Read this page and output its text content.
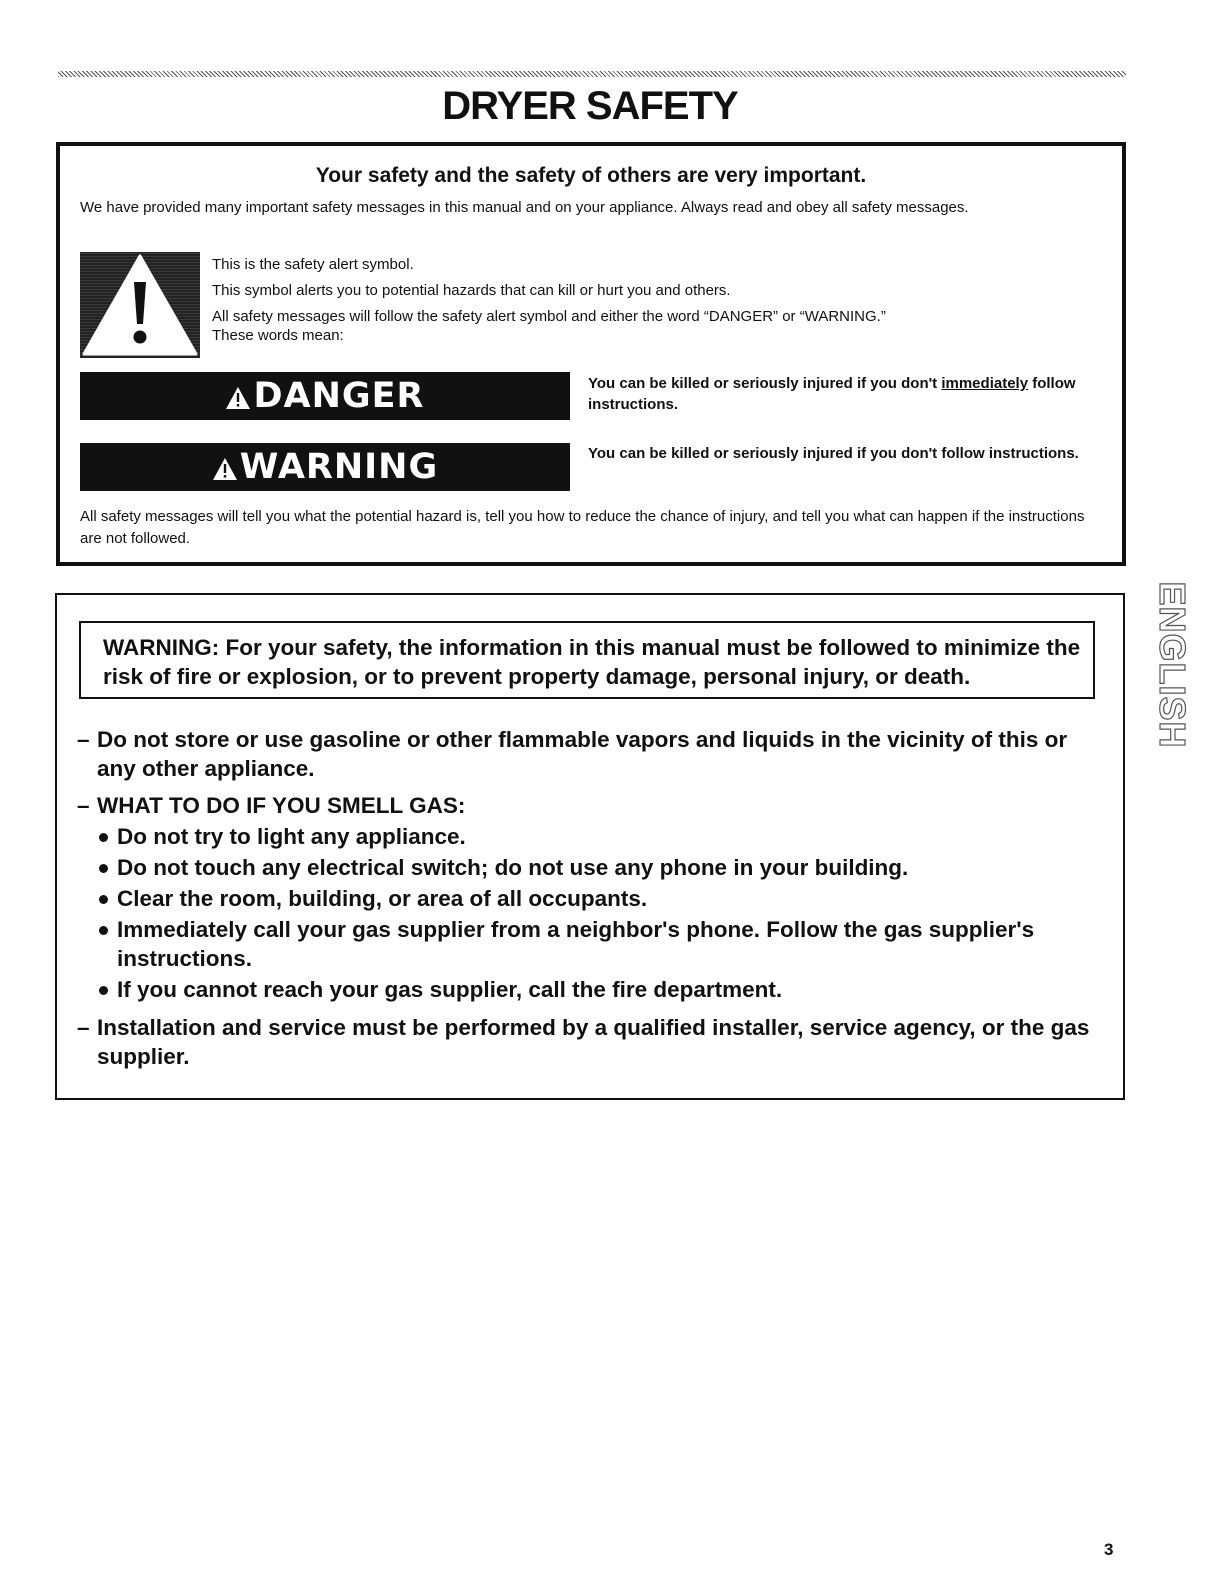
DRYER SAFETY
Your safety and the safety of others are very important.
We have provided many important safety messages in this manual and on your appliance. Always read and obey all safety messages.
This is the safety alert symbol.
This symbol alerts you to potential hazards that can kill or hurt you and others.
All safety messages will follow the safety alert symbol and either the word “DANGER” or “WARNING.”
These words mean:
DANGER	You can be killed or seriously injured if you don't immediately follow instructions.
WARNING	You can be killed or seriously injured if you don't follow instructions.
All safety messages will tell you what the potential hazard is, tell you how to reduce the chance of injury, and tell you what can happen if the instructions are not followed.
WARNING: For your safety, the information in this manual must be followed to minimize the risk of fire or explosion, or to prevent property damage, personal injury, or death.
– Do not store or use gasoline or other flammable vapors and liquids in the vicinity of this or any other appliance.
– WHAT TO DO IF YOU SMELL GAS:
Do not try to light any appliance.
Do not touch any electrical switch; do not use any phone in your building.
Clear the room, building, or area of all occupants.
Immediately call your gas supplier from a neighbor's phone. Follow the gas supplier's instructions.
If you cannot reach your gas supplier, call the fire department.
– Installation and service must be performed by a qualified installer, service agency, or the gas supplier.
ENGLISH
3
